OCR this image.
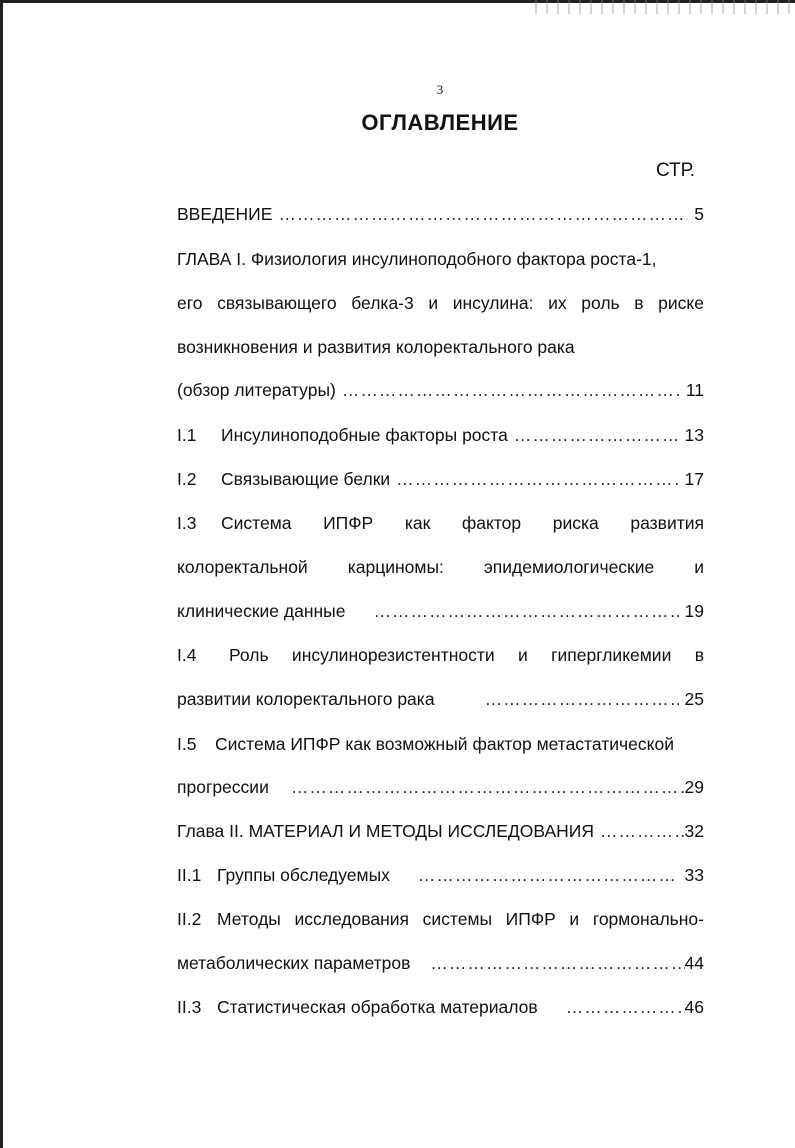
3
ОГЛАВЛЕНИЕ
СТР.
ВВЕДЕНИЕ ……………………………………………………………………………………………………………………………………	5
ГЛАВА I. Физиология инсулиноподобного фактора роста-1,
его связывающего белка-3 и инсулина: их роль в риске
возникновения и развития колоректального рака
(обзор литературы) ……………………………………………………………………………………………………………………………………	11
I.1 Инсулиноподобные факторы роста ……………………………………………………………………………………………………………………………………	13
I.2 Связывающие белки ……………………………………………………………………………………………………………………………………	17
I.3	Система ИПФР как фактор риска развития
колоректальной карциномы: эпидемиологические и
клинические данные ……………………………………………………………………………………………………………………………………	19
I.4	Роль инсулинорезистентности и гипергликемии в
развитии колоректального рака ……………………………………………………………………………………………………………………………………	25
I.5	Система ИПФР как возможный фактор метастатической
прогрессии ……………………………………………………………………………………………………………………………………	29
Глава II. МАТЕРИАЛ И МЕТОДЫ ИССЛЕДОВАНИЯ ……………………………………………………………………………………………………………………………………	32
II.1 Группы обследуемых ……………………………………………………………………………………………………………………………………	33
II.2 Методы исследования системы ИПФР и гормонально-
метаболических параметров ……………………………………………………………………………………………………………………………………	44
II.3 Статистическая обработка материалов ……………………………………………………………………………………………………………………………………	46
